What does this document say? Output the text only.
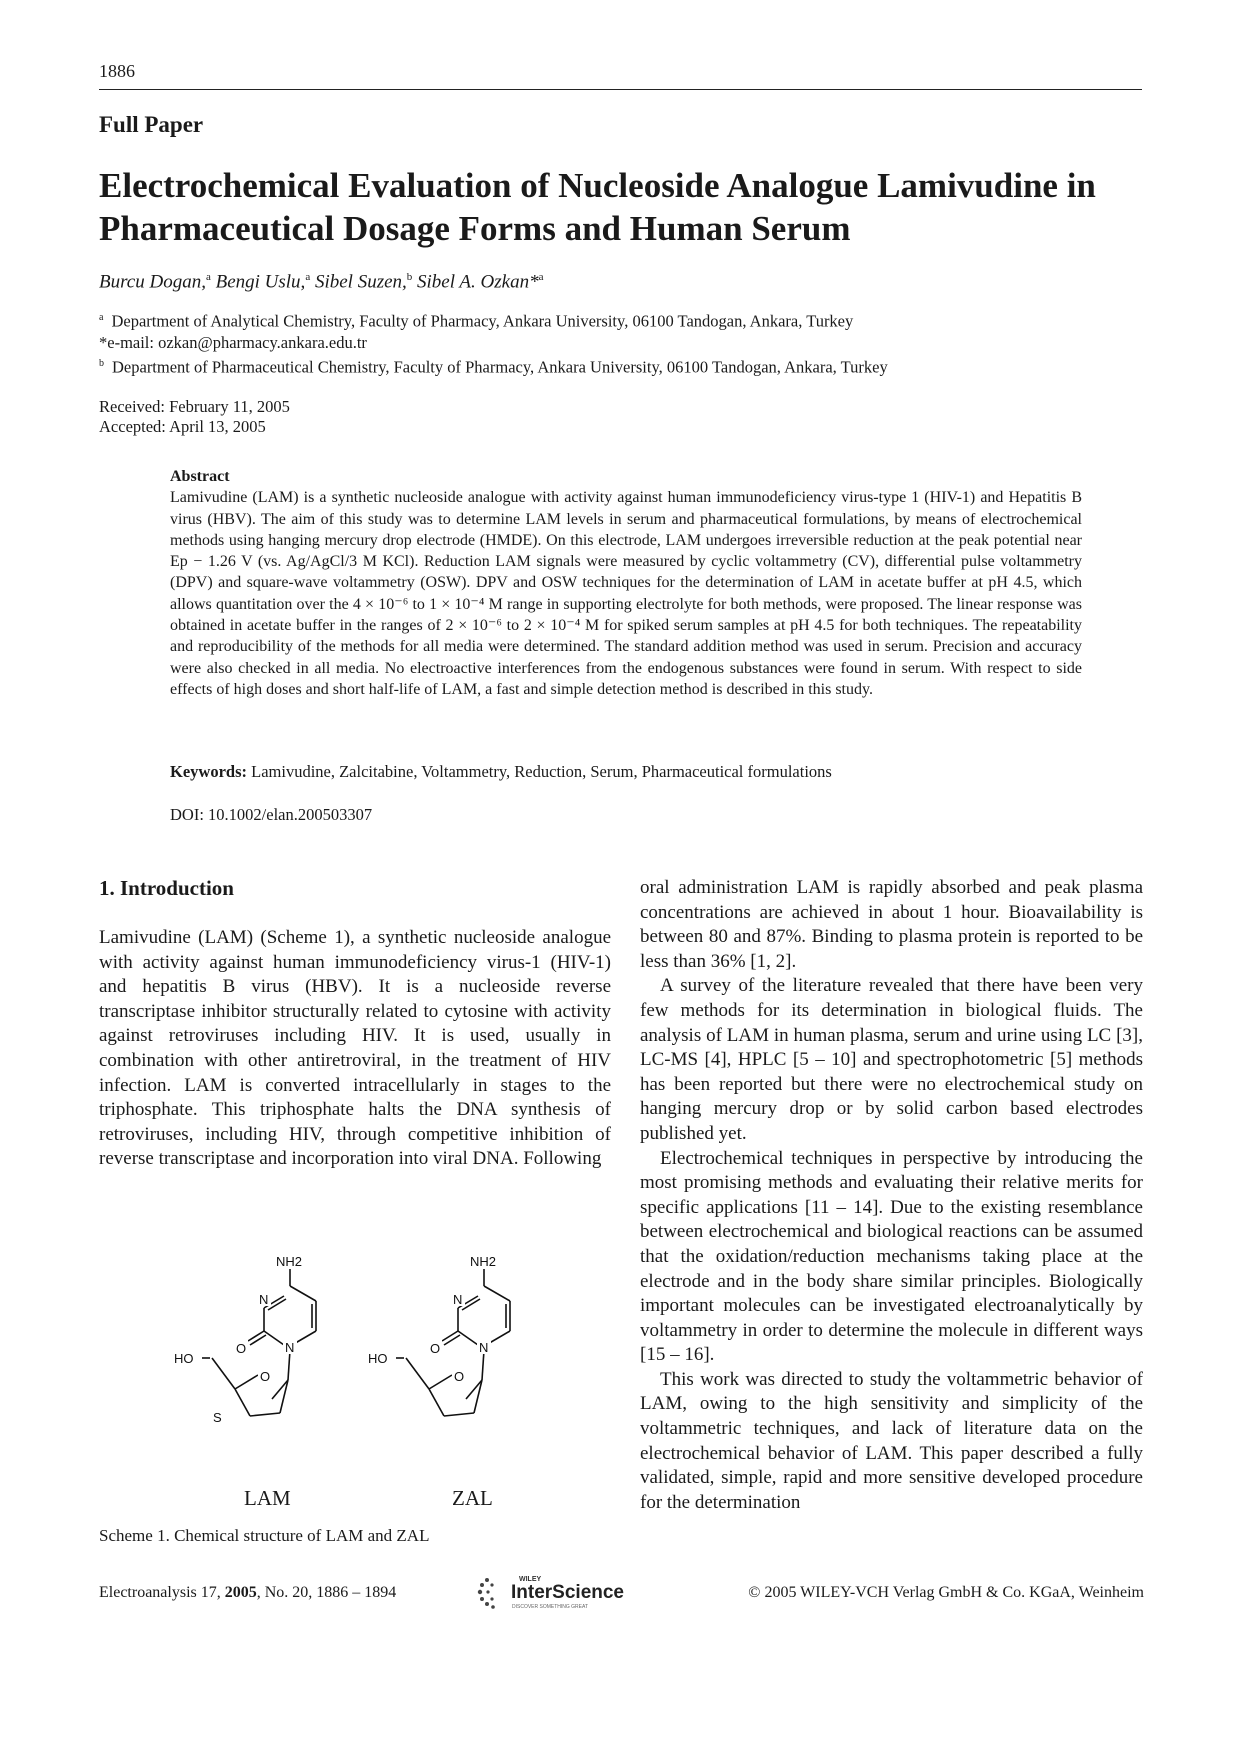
1886
Full Paper
Electrochemical Evaluation of Nucleoside Analogue Lamivudine in Pharmaceutical Dosage Forms and Human Serum
Burcu Dogan,$^a$ Bengi Uslu,$^a$ Sibel Suzen,$^b$ Sibel A. Ozkan*$^a$
$^a$ Department of Analytical Chemistry, Faculty of Pharmacy, Ankara University, 06100 Tandogan, Ankara, Turkey
*e-mail: ozkan@pharmacy.ankara.edu.tr
$^b$ Department of Pharmaceutical Chemistry, Faculty of Pharmacy, Ankara University, 06100 Tandogan, Ankara, Turkey
Received: February 11, 2005
Accepted: April 13, 2005
Abstract
Lamivudine (LAM) is a synthetic nucleoside analogue with activity against human immunodeficiency virus-type 1 (HIV-1) and Hepatitis B virus (HBV). The aim of this study was to determine LAM levels in serum and pharmaceutical formulations, by means of electrochemical methods using hanging mercury drop electrode (HMDE). On this electrode, LAM undergoes irreversible reduction at the peak potential near Ep − 1.26 V (vs. Ag/AgCl/3 M KCl). Reduction LAM signals were measured by cyclic voltammetry (CV), differential pulse voltammetry (DPV) and square-wave voltammetry (OSW). DPV and OSW techniques for the determination of LAM in acetate buffer at pH 4.5, which allows quantitation over the 4 × 10⁻⁶ to 1 × 10⁻⁴ M range in supporting electrolyte for both methods, were proposed. The linear response was obtained in acetate buffer in the ranges of 2 × 10⁻⁶ to 2 × 10⁻⁴ M for spiked serum samples at pH 4.5 for both techniques. The repeatability and reproducibility of the methods for all media were determined. The standard addition method was used in serum. Precision and accuracy were also checked in all media. No electroactive interferences from the endogenous substances were found in serum. With respect to side effects of high doses and short half-life of LAM, a fast and simple detection method is described in this study.
Keywords: Lamivudine, Zalcitabine, Voltammetry, Reduction, Serum, Pharmaceutical formulations
DOI: 10.1002/elan.200503307
1. Introduction

Lamivudine (LAM) (Scheme 1), a synthetic nucleoside analogue with activity against human immunodeficiency virus-1 (HIV-1) and hepatitis B virus (HBV). It is a nucleoside reverse transcriptase inhibitor structurally related to cytosine with activity against retroviruses including HIV. It is used, usually in combination with other antiretroviral, in the treatment of HIV infection. LAM is converted intracellularly in stages to the triphosphate. This triphosphate halts the DNA synthesis of retroviruses, including HIV, through competitive inhibition of reverse transcriptase and incorporation into viral DNA. Following

oral administration LAM is rapidly absorbed and peak plasma concentrations are achieved in about 1 hour. Bioavailability is between 80 and 87%. Binding to plasma protein is reported to be less than 36% [1, 2].

A survey of the literature revealed that there have been very few methods for its determination in biological fluids. The analysis of LAM in human plasma, serum and urine using LC [3], LC-MS [4], HPLC [5 – 10] and spectrophotometric [5] methods has been reported but there were no electrochemical study on hanging mercury drop or by solid carbon based electrodes published yet.

Electrochemical techniques in perspective by introducing the most promising methods and evaluating their relative merits for specific applications [11 – 14]. Due to the existing resemblance between electrochemical and biological reactions can be assumed that the oxidation/reduction mechanisms taking place at the electrode and in the body share similar principles. Biologically important molecules can be investigated electroanalytically by voltammetry in order to determine the molecule in different ways [15 – 16].

This work was directed to study the voltammetric behavior of LAM, owing to the high sensitivity and simplicity of the voltammetric techniques, and lack of literature data on the electrochemical behavior of LAM. This paper described a fully validated, simple, rapid and more sensitive developed procedure for the determination

NH2
N
N
O
O
HO
S
NH2
N
N
O
O
HO
LAM	ZAL
Scheme 1. Chemical structure of LAM and ZAL
Electroanalysis 17, 2005, No. 20, 1886 – 1894
WILEY
InterScience
DISCOVER SOMETHING GREAT
© 2005 WILEY-VCH Verlag GmbH & Co. KGaA, Weinheim
